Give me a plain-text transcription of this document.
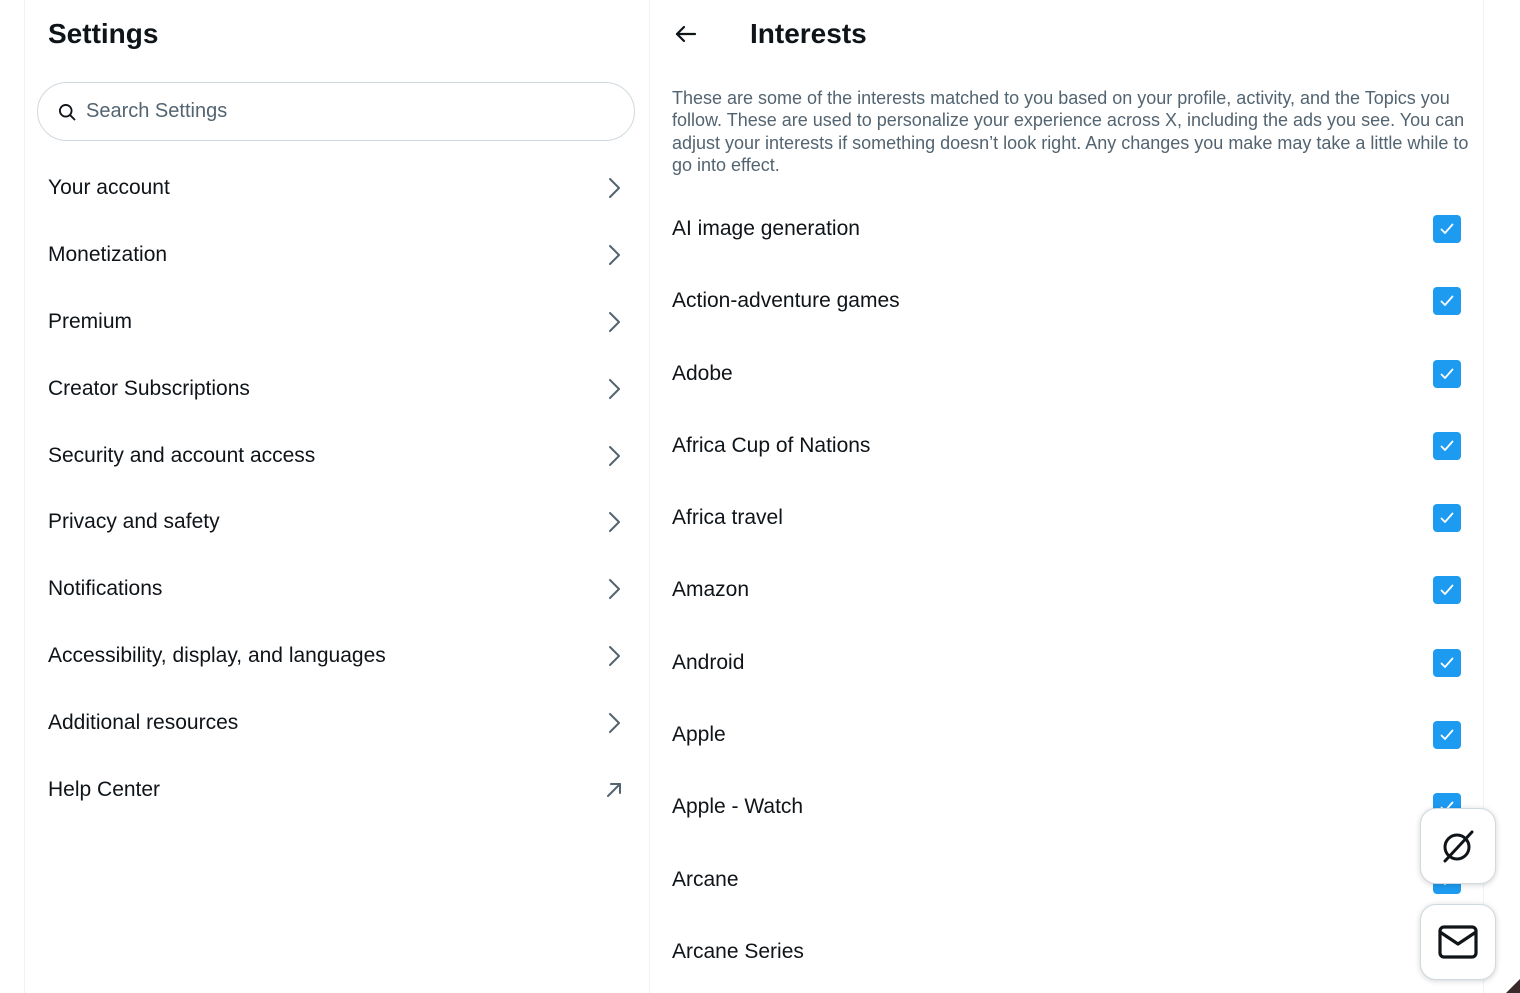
Settings
Search Settings
Your account
Monetization
Premium
Creator Subscriptions
Security and account access
Privacy and safety
Notifications
Accessibility, display, and languages
Additional resources
Help Center
Interests

These are some of the interests matched to you based on your profile, activity, and the Topics you follow. These are used to personalize your experience across X, including the ads you see. You can adjust your interests if something doesn’t look right. Any changes you make may take a little while to go into effect.

AI image generation
Action-adventure games
Adobe
Africa Cup of Nations
Africa travel
Amazon
Android
Apple
Apple - Watch
Arcane
Arcane Series
